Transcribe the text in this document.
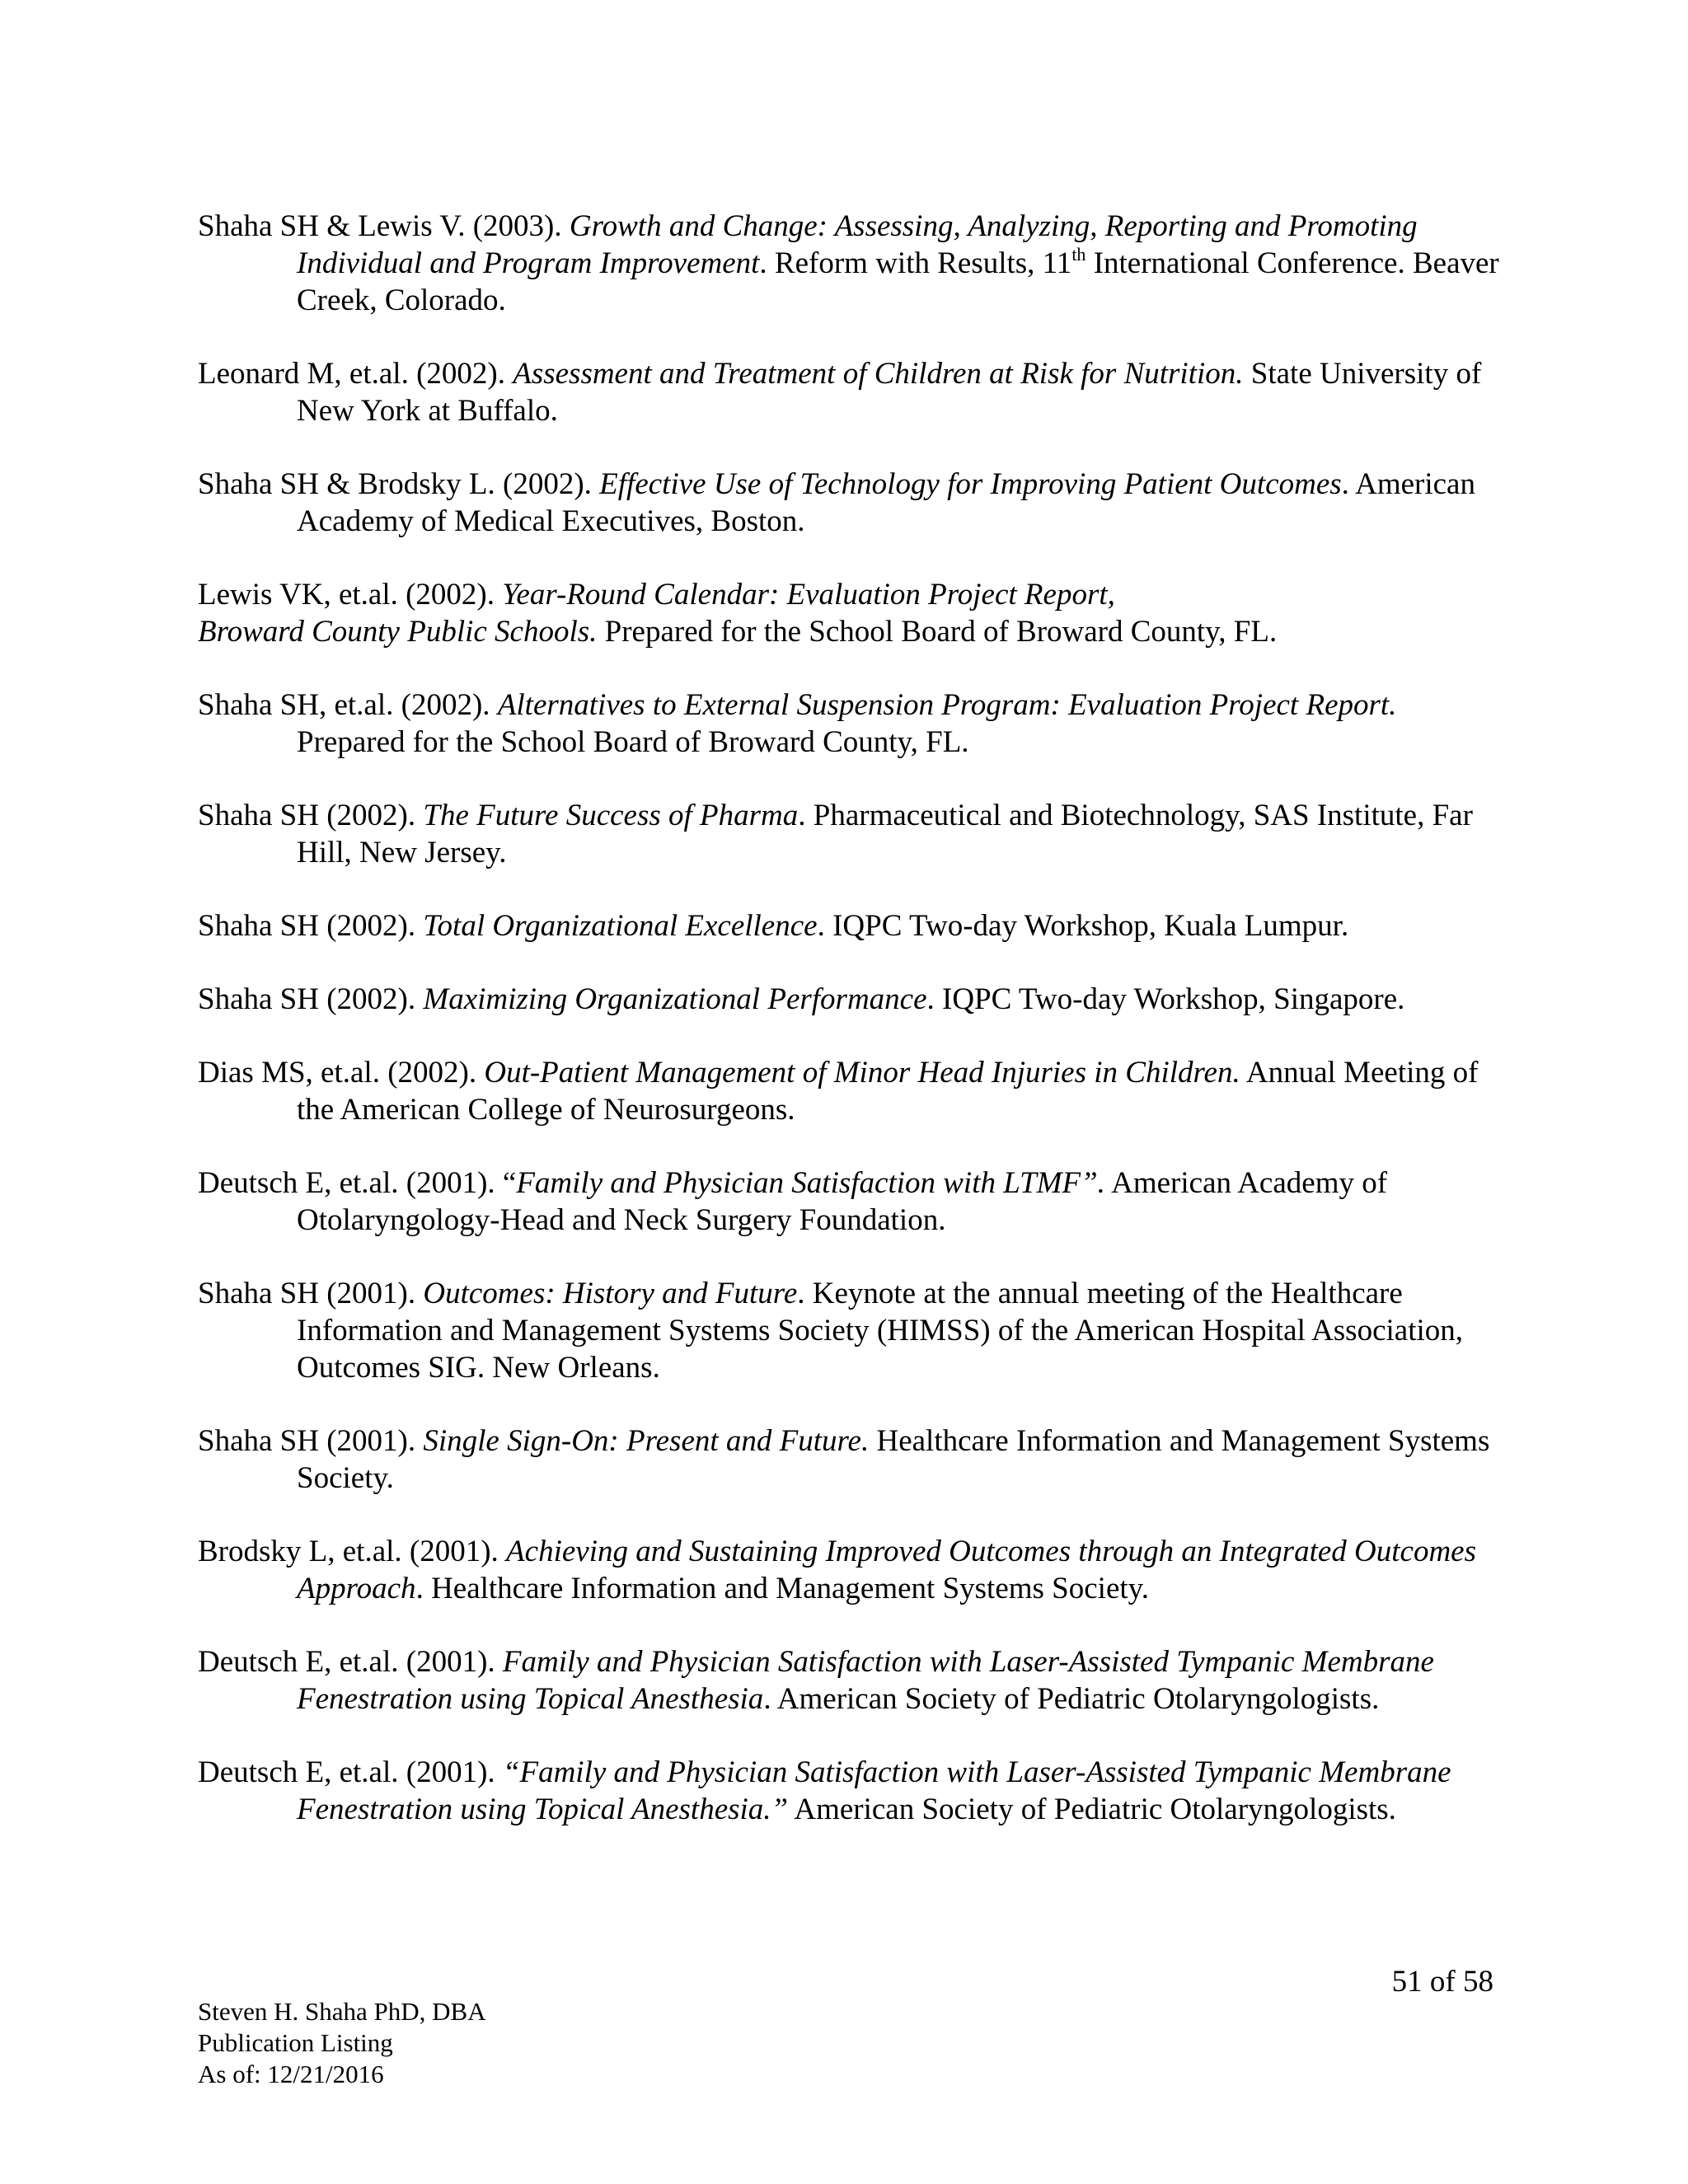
Shaha SH & Lewis V. (2003). Growth and Change: Assessing, Analyzing, Reporting and Promoting Individual and Program Improvement. Reform with Results, 11th International Conference. Beaver Creek, Colorado.

Leonard M, et.al. (2002). Assessment and Treatment of Children at Risk for Nutrition. State University of New York at Buffalo.

Shaha SH & Brodsky L. (2002). Effective Use of Technology for Improving Patient Outcomes. American Academy of Medical Executives, Boston.

Lewis VK, et.al. (2002). Year-Round Calendar: Evaluation Project Report,
Broward County Public Schools. Prepared for the School Board of Broward County, FL.

Shaha SH, et.al. (2002). Alternatives to External Suspension Program: Evaluation Project Report. Prepared for the School Board of Broward County, FL.

Shaha SH (2002). The Future Success of Pharma. Pharmaceutical and Biotechnology, SAS Institute, Far Hill, New Jersey.

Shaha SH (2002). Total Organizational Excellence. IQPC Two-day Workshop, Kuala Lumpur.

Shaha SH (2002). Maximizing Organizational Performance. IQPC Two-day Workshop, Singapore.

Dias MS, et.al. (2002). Out-Patient Management of Minor Head Injuries in Children. Annual Meeting of the American College of Neurosurgeons.

Deutsch E, et.al. (2001). “Family and Physician Satisfaction with LTMF”. American Academy of Otolaryngology-Head and Neck Surgery Foundation.

Shaha SH (2001). Outcomes: History and Future. Keynote at the annual meeting of the Healthcare Information and Management Systems Society (HIMSS) of the American Hospital Association, Outcomes SIG. New Orleans.

Shaha SH (2001). Single Sign-On: Present and Future. Healthcare Information and Management Systems Society.

Brodsky L, et.al. (2001). Achieving and Sustaining Improved Outcomes through an Integrated Outcomes Approach. Healthcare Information and Management Systems Society.

Deutsch E, et.al. (2001). Family and Physician Satisfaction with Laser-Assisted Tympanic Membrane Fenestration using Topical Anesthesia. American Society of Pediatric Otolaryngologists.

Deutsch E, et.al. (2001). “Family and Physician Satisfaction with Laser-Assisted Tympanic Membrane Fenestration using Topical Anesthesia.” American Society of Pediatric Otolaryngologists.

51 of 58
Steven H. Shaha PhD, DBA
Publication Listing
As of: 12/21/2016
